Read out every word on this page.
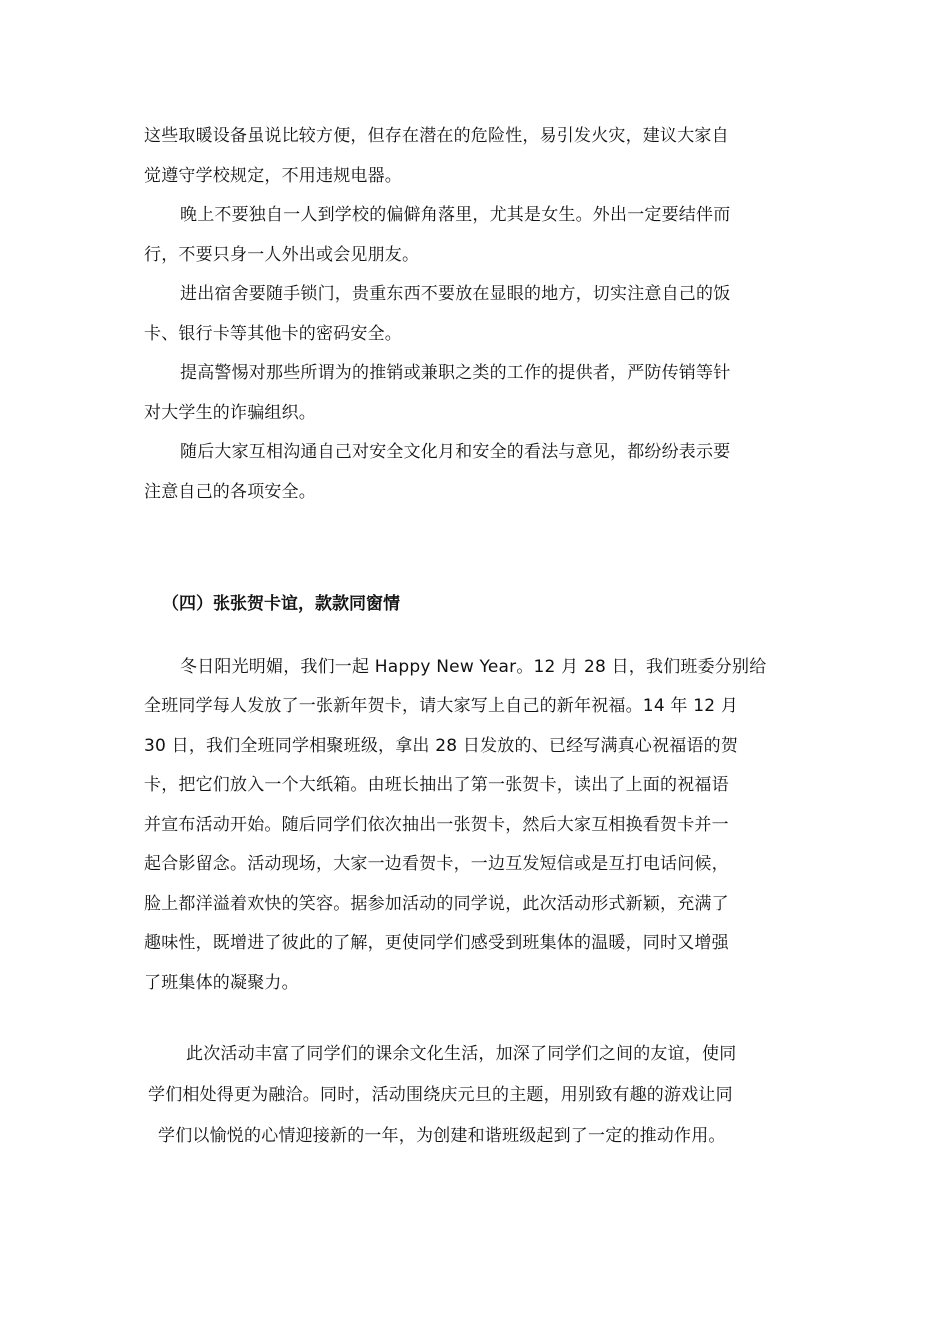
这些取暖设备虽说比较方便，但存在潜在的危险性，易引发火灾，建议大家自
觉遵守学校规定，不用违规电器。
晚上不要独自一人到学校的偏僻角落里，尤其是女生。外出一定要结伴而
行，不要只身一人外出或会见朋友。
进出宿舍要随手锁门，贵重东西不要放在显眼的地方，切实注意自己的饭
卡、银行卡等其他卡的密码安全。
提高警惕对那些所谓为的推销或兼职之类的工作的提供者，严防传销等针
对大学生的诈骗组织。
随后大家互相沟通自己对安全文化月和安全的看法与意见，都纷纷表示要
注意自己的各项安全。
（四）张张贺卡谊，款款同窗情
冬日阳光明媚，我们一起 Happy New Year。12 月 28 日，我们班委分别给
全班同学每人发放了一张新年贺卡，请大家写上自己的新年祝福。14 年 12 月
30 日，我们全班同学相聚班级，拿出 28 日发放的、已经写满真心祝福语的贺
卡，把它们放入一个大纸箱。由班长抽出了第一张贺卡，读出了上面的祝福语
并宣布活动开始。随后同学们依次抽出一张贺卡，然后大家互相换看贺卡并一
起合影留念。活动现场，大家一边看贺卡，一边互发短信或是互打电话问候，
脸上都洋溢着欢快的笑容。据参加活动的同学说，此次活动形式新颖，充满了
趣味性，既增进了彼此的了解，更使同学们感受到班集体的温暖，同时又增强
了班集体的凝聚力。
此次活动丰富了同学们的课余文化生活，加深了同学们之间的友谊，使同
学们相处得更为融洽。同时，活动围绕庆元旦的主题，用别致有趣的游戏让同
学们以愉悦的心情迎接新的一年，为创建和谐班级起到了一定的推动作用。
